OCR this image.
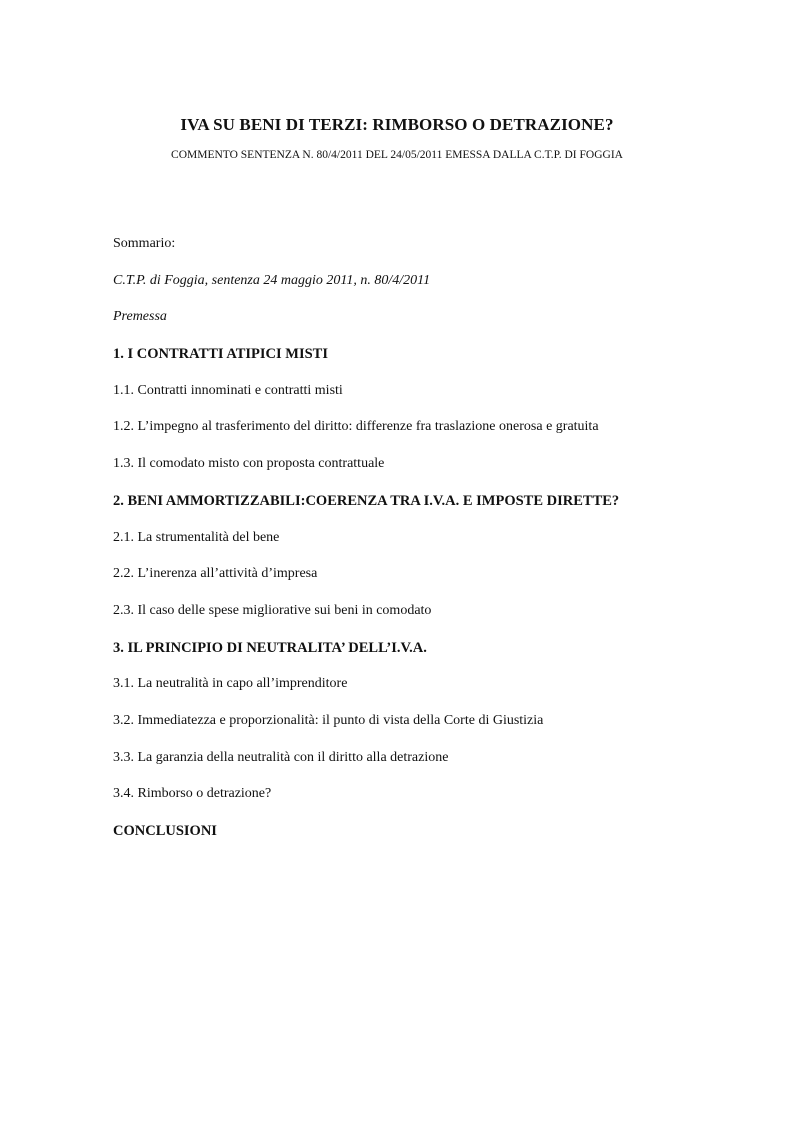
IVA SU BENI DI TERZI: RIMBORSO O DETRAZIONE?

COMMENTO SENTENZA N. 80/4/2011 DEL 24/05/2011 EMESSA DALLA C.T.P. DI FOGGIA

Sommario:
C.T.P. di Foggia, sentenza 24 maggio 2011, n. 80/4/2011
Premessa
1. I CONTRATTI ATIPICI MISTI
1.1. Contratti innominati e contratti misti
1.2. L’impegno al trasferimento del diritto: differenze fra traslazione onerosa e gratuita
1.3. Il comodato misto con proposta contrattuale
2. BENI AMMORTIZZABILI:COERENZA TRA I.V.A. E IMPOSTE DIRETTE?
2.1. La strumentalità del bene
2.2. L’inerenza all’attività d’impresa
2.3. Il caso delle spese migliorative sui beni in comodato
3. IL PRINCIPIO DI NEUTRALITA’ DELL’I.V.A.
3.1. La neutralità in capo all’imprenditore
3.2. Immediatezza e proporzionalità: il punto di vista della Corte di Giustizia
3.3. La garanzia della neutralità con il diritto alla detrazione
3.4. Rimborso o detrazione?
CONCLUSIONI
